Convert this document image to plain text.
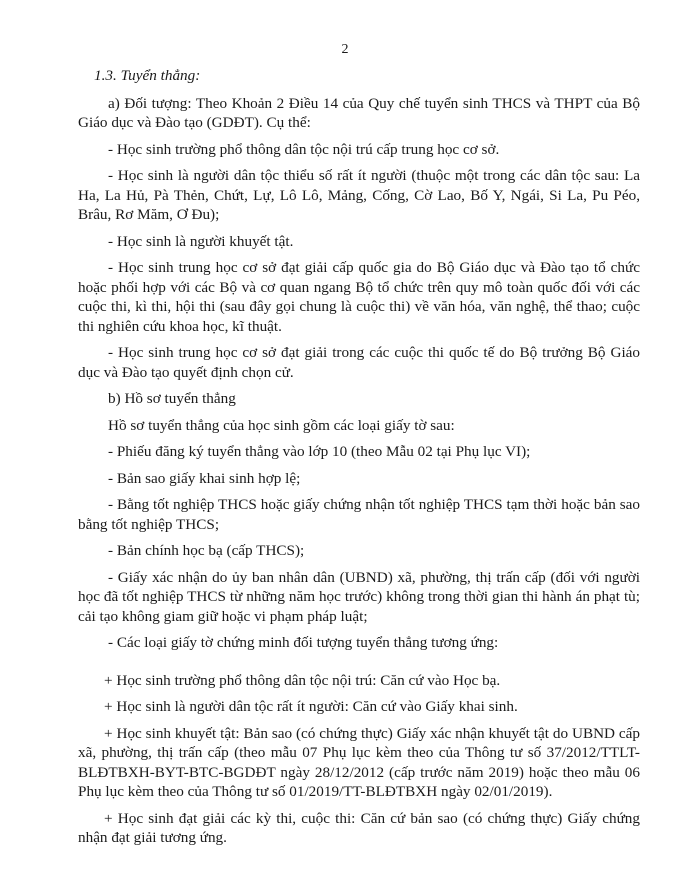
2

1.3. Tuyển thẳng:

a) Đối tượng: Theo Khoản 2 Điều 14 của Quy chế tuyển sinh THCS và THPT của Bộ Giáo dục và Đào tạo (GDĐT). Cụ thể:

- Học sinh trường phổ thông dân tộc nội trú cấp trung học cơ sở.

- Học sinh là người dân tộc thiểu số rất ít người (thuộc một trong các dân tộc sau: La Ha, La Hủ, Pà Thẻn, Chứt, Lự, Lô Lô, Mảng, Cống, Cờ Lao, Bố Y, Ngái, Si La, Pu Péo, Brâu, Rơ Măm, Ơ Đu);

- Học sinh là người khuyết tật.

- Học sinh trung học cơ sở đạt giải cấp quốc gia do Bộ Giáo dục và Đào tạo tổ chức hoặc phối hợp với các Bộ và cơ quan ngang Bộ tổ chức trên quy mô toàn quốc đối với các cuộc thi, kì thi, hội thi (sau đây gọi chung là cuộc thi) về văn hóa, văn nghệ, thể thao; cuộc thi nghiên cứu khoa học, kĩ thuật.

- Học sinh trung học cơ sở đạt giải trong các cuộc thi quốc tế do Bộ trưởng Bộ Giáo dục và Đào tạo quyết định chọn cử.

b) Hồ sơ tuyển thẳng

Hồ sơ tuyển thẳng của học sinh gồm các loại giấy tờ sau:

- Phiếu đăng ký tuyển thẳng vào lớp 10 (theo Mẫu 02 tại Phụ lục VI);

- Bản sao giấy khai sinh hợp lệ;

- Bằng tốt nghiệp THCS hoặc giấy chứng nhận tốt nghiệp THCS tạm thời hoặc bản sao bằng tốt nghiệp THCS;

- Bản chính học bạ (cấp THCS);

- Giấy xác nhận do ủy ban nhân dân (UBND) xã, phường, thị trấn cấp (đối với người học đã tốt nghiệp THCS từ những năm học trước) không trong thời gian thi hành án phạt tù; cải tạo không giam giữ hoặc vi phạm pháp luật;

- Các loại giấy tờ chứng minh đối tượng tuyển thẳng tương ứng:

+ Học sinh trường phổ thông dân tộc nội trú: Căn cứ vào Học bạ.

+ Học sinh là người dân tộc rất ít người: Căn cứ vào Giấy khai sinh.

+ Học sinh khuyết tật: Bản sao (có chứng thực) Giấy xác nhận khuyết tật do UBND cấp xã, phường, thị trấn cấp (theo mẫu 07 Phụ lục kèm theo của Thông tư số 37/2012/TTLT-BLĐTBXH-BYT-BTC-BGDĐT ngày 28/12/2012 (cấp trước năm 2019) hoặc theo mẫu 06 Phụ lục kèm theo của Thông tư số 01/2019/TT-BLĐTBXH ngày 02/01/2019).

+ Học sinh đạt giải các kỳ thi, cuộc thi: Căn cứ bản sao (có chứng thực) Giấy chứng nhận đạt giải tương ứng.
